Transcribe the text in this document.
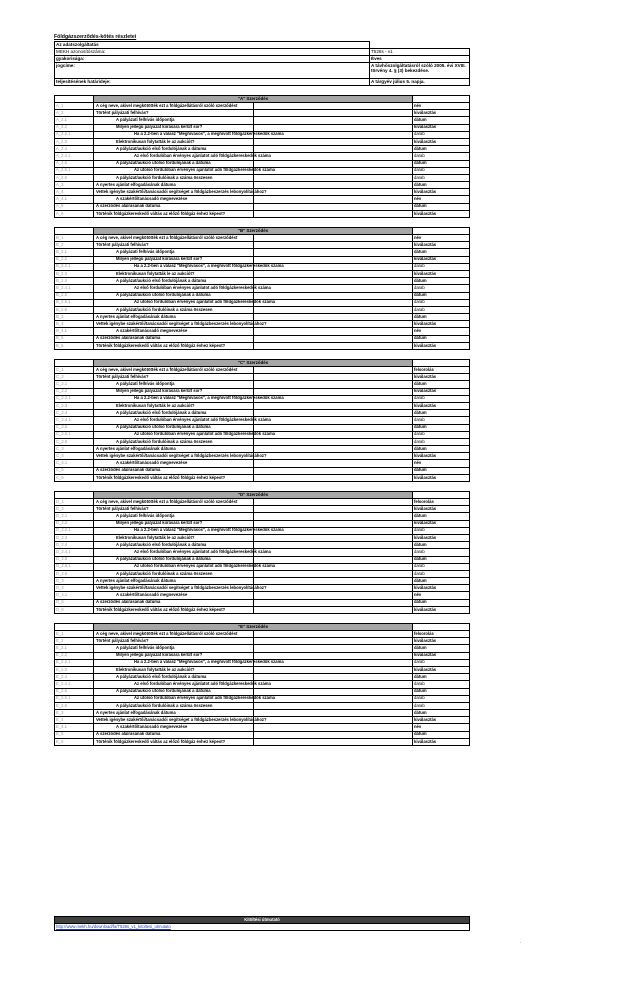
Földgázszerződés-kötés részletei
Az adatszolgáltatás	
MEKH azonosítószáma:	T528s - v1
gyakorisága:	Éves
jogcíme:	A távhőszolgáltatásról szóló 2005. évi XVIII. törvény 4. § (3) bekezdése.
teljesítésének határideje:	A tárgyév július 5. napja.
	"A" Szerződés		
A_1	A cég neve, akivel megkötötték ezt a földgázellátásról szóló szerződést		név
A_2	Történt pályázati felhívás?		kiválasztás
A_2.1	A pályázati felhívás időpontja		dátum
A_2.2	Milyen jellegű pályázat kiírására került sor?		kiválasztás
A_2.2.1	Ha a 2.2-ben a válasz "Meghívásos", a meghívott földgázkereskedők száma		darab
A_2.3	Elektronikusan folytatták le az aukciót?		kiválasztás
A_2.4	A pályázat/aukció első fordulójának a dátuma		dátum
A_2.4.1	Az első fordulóban érvényes ajánlatot adó földgázkereskedők száma		darab
A_2.5	A pályázat/aukció utolsó fordulójának a dátuma		dátum
A_2.5.1	Az utolsó fordulóban érvényes ajánlatot adó földgázkereskedők száma		darab
A_2.6	A pályázat/aukció fordulóinak a száma összesen		darab
A_3	A nyertes ajánlat elfogadásának dátuma		dátum
A_4	Vettek igénybe szakértői/tanácsadói segítséget a földgázbeszerzés lebonyolításához?		kiválasztás
A_4.1	A szakértő/tanácsadó megnevezése		név
A_5	A szerződés aláírásának dátuma		dátum
A_6	Történik földgázkereskedő váltás az előző földgáz évhez képest?		kiválasztás
	"B" Szerződés		
B_1	A cég neve, akivel megkötötték ezt a földgázellátásról szóló szerződést		név
B_2	Történt pályázati felhívás?		kiválasztás
B_2.1	A pályázati felhívás időpontja		dátum
B_2.2	Milyen jellegű pályázat kiírására került sor?		kiválasztás
B_2.2.1	Ha a 2.2-ben a válasz "Meghívásos", a meghívott földgázkereskedők száma		darab
B_2.3	Elektronikusan folytatták le az aukciót?		kiválasztás
B_2.4	A pályázat/aukció első fordulójának a dátuma		dátum
B_2.4.1	Az első fordulóban érvényes ajánlatot adó földgázkereskedők száma		darab
B_2.5	A pályázat/aukció utolsó fordulójának a dátuma		dátum
B_2.5.1	Az utolsó fordulóban érvényes ajánlatot adó földgázkereskedők száma		darab
B_2.6	A pályázat/aukció fordulóinak a száma összesen		darab
B_3	A nyertes ajánlat elfogadásának dátuma		dátum
B_4	Vettek igénybe szakértői/tanácsadói segítséget a földgázbeszerzés lebonyolításához?		kiválasztás
B_4.1	A szakértő/tanácsadó megnevezése		név
B_5	A szerződés aláírásának dátuma		dátum
B_6	Történik földgázkereskedő váltás az előző földgáz évhez képest?		kiválasztás
	"C" Szerződés		
C_1	A cég neve, akivel megkötötték ezt a földgázellátásról szóló szerződést		felsorolás
C_2	Történt pályázati felhívás?		kiválasztás
C_2.1	A pályázati felhívás időpontja		dátum
C_2.2	Milyen jellegű pályázat kiírására került sor?		kiválasztás
C_2.2.1	Ha a 2.2-ben a válasz "Meghívásos", a meghívott földgázkereskedők száma		darab
C_2.3	Elektronikusan folytatták le az aukciót?		kiválasztás
C_2.4	A pályázat/aukció első fordulójának a dátuma		dátum
C_2.4.1	Az első fordulóban érvényes ajánlatot adó földgázkereskedők száma		darab
C_2.5	A pályázat/aukció utolsó fordulójának a dátuma		dátum
C_2.5.1	Az utolsó fordulóban érvényes ajánlatot adó földgázkereskedők száma		darab
C_2.6	A pályázat/aukció fordulóinak a száma összesen		darab
C_3	A nyertes ajánlat elfogadásának dátuma		dátum
C_4	Vettek igénybe szakértői/tanácsadói segítséget a földgázbeszerzés lebonyolításához?		kiválasztás
C_4.1	A szakértő/tanácsadó megnevezése		név
C_5	A szerződés aláírásának dátuma		dátum
C_6	Történik földgázkereskedő váltás az előző földgáz évhez képest?		kiválasztás
	"D" Szerződés		
D_1	A cég neve, akivel megkötötték ezt a földgázellátásról szóló szerződést		felsorolás
D_2	Történt pályázati felhívás?		kiválasztás
D_2.1	A pályázati felhívás időpontja		dátum
D_2.2	Milyen jellegű pályázat kiírására került sor?		kiválasztás
D_2.2.1	Ha a 2.2-ben a válasz "Meghívásos", a meghívott földgázkereskedők száma		darab
D_2.3	Elektronikusan folytatták le az aukciót?		kiválasztás
D_2.4	A pályázat/aukció első fordulójának a dátuma		dátum
D_2.4.1	Az első fordulóban érvényes ajánlatot adó földgázkereskedők száma		darab
D_2.5	A pályázat/aukció utolsó fordulójának a dátuma		dátum
D_2.5.1	Az utolsó fordulóban érvényes ajánlatot adó földgázkereskedők száma		darab
D_2.6	A pályázat/aukció fordulóinak a száma összesen		darab
D_3	A nyertes ajánlat elfogadásának dátuma		dátum
D_4	Vettek igénybe szakértői/tanácsadói segítséget a földgázbeszerzés lebonyolításához?		kiválasztás
D_4.1	A szakértő/tanácsadó megnevezése		név
D_5	A szerződés aláírásának dátuma		dátum
D_6	Történik földgázkereskedő váltás az előző földgáz évhez képest?		kiválasztás
	"E" Szerződés		
E_1	A cég neve, akivel megkötötték ezt a földgázellátásról szóló szerződést		felsorolás
E_2	Történt pályázati felhívás?		kiválasztás
E_2.1	A pályázati felhívás időpontja		dátum
E_2.2	Milyen jellegű pályázat kiírására került sor?		kiválasztás
E_2.2.1	Ha a 2.2-ben a válasz "Meghívásos", a meghívott földgázkereskedők száma		darab
E_2.3	Elektronikusan folytatták le az aukciót?		kiválasztás
E_2.4	A pályázat/aukció első fordulójának a dátuma		dátum
E_2.4.1	Az első fordulóban érvényes ajánlatot adó földgázkereskedők száma		darab
E_2.5	A pályázat/aukció utolsó fordulójának a dátuma		dátum
E_2.5.1	Az utolsó fordulóban érvényes ajánlatot adó földgázkereskedők száma		darab
E_2.6	A pályázat/aukció fordulóinak a száma összesen		darab
E_3	A nyertes ajánlat elfogadásának dátuma		dátum
E_4	Vettek igénybe szakértői/tanácsadói segítséget a földgázbeszerzés lebonyolításához?		kiválasztás
E_4.1	A szakértő/tanácsadó megnevezése		név
E_5	A szerződés aláírásának dátuma		dátum
E_6	Történik földgázkereskedő váltás az előző földgáz évhez képest?		kiválasztás
Kitöltési útmutató
http://www.mekh.hu/download/fa/T528s_v1_kitoltesi_utmutato
.
